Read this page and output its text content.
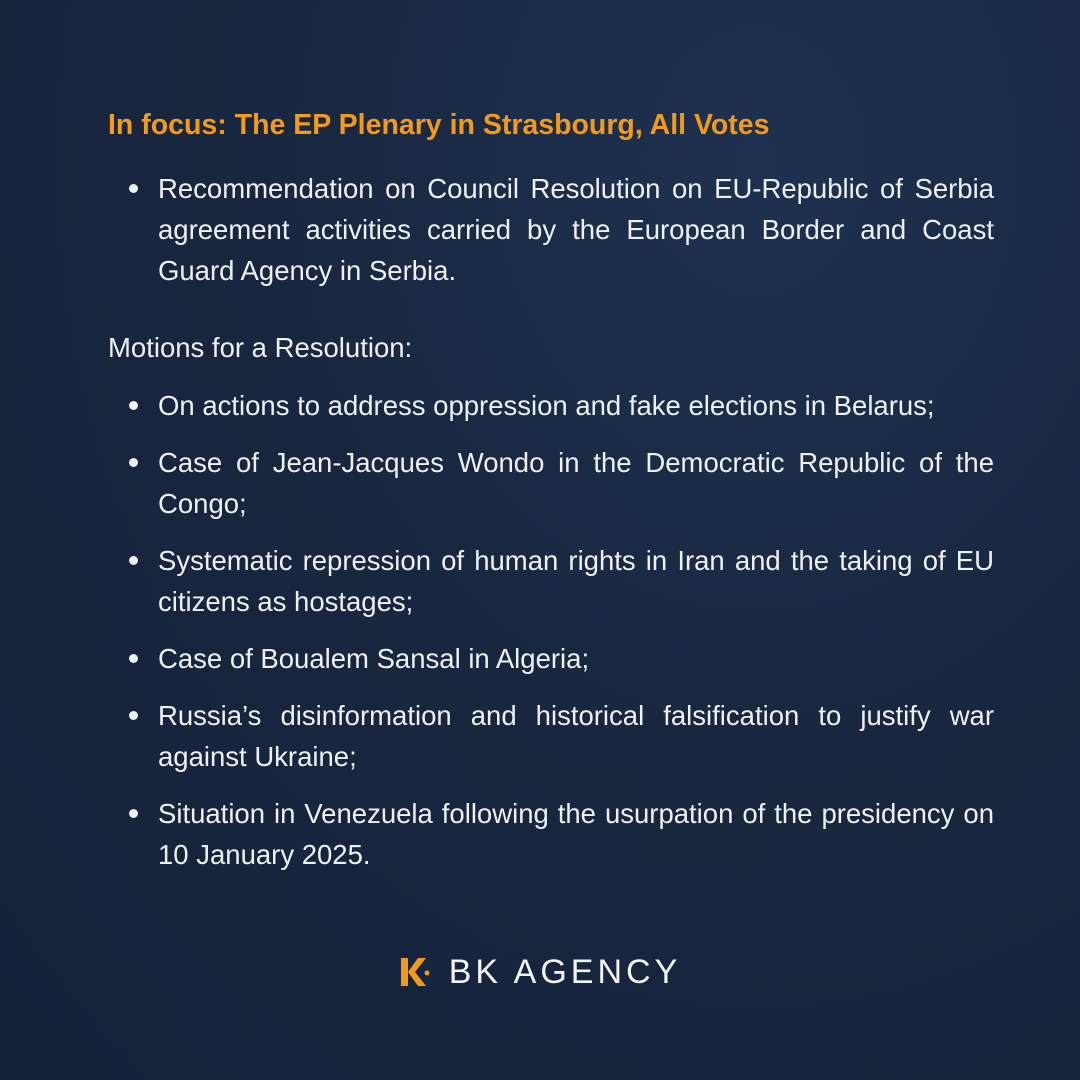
In focus: The EP Plenary in Strasbourg, All Votes
Recommendation on Council Resolution on EU-Republic of Serbia agreement activities carried by the European Border and Coast Guard Agency in Serbia.

Motions for a Resolution:

On actions to address oppression and fake elections in Belarus;
Case of Jean-Jacques Wondo in the Democratic Republic of the Congo;
Systematic repression of human rights in Iran and the taking of EU citizens as hostages;
Case of Boualem Sansal in Algeria;
Russia’s disinformation and historical falsification to justify war against Ukraine;
Situation in Venezuela following the usurpation of the presidency on 10 January 2025.
BK AGENCY
